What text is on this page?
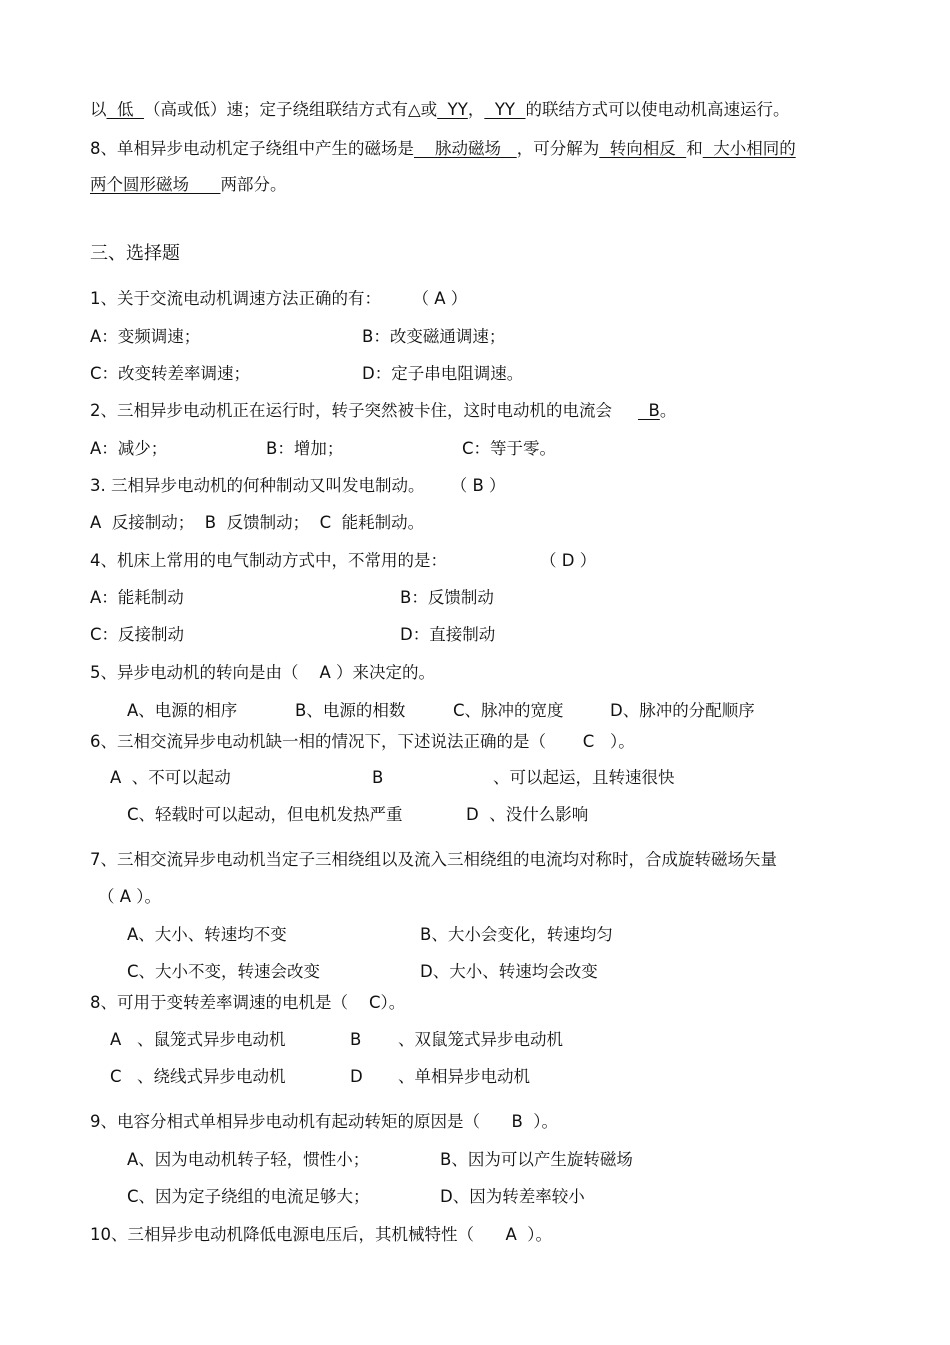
以  低  （高或低）速；定子绕组联结方式有△或  YY，  YY  的联结方式可以使电动机高速运行。
8、单相异步电动机定子绕组中产生的磁场是    脉动磁场   ，可分解为  转向相反  和  大小相同的
两个圆形磁场      两部分。
三、选择题
1、关于交流电动机调速方法正确的有：      （ A ）
A：变频调速；	B：改变磁通调速；
C：改变转差率调速；	D：定子串电阻调速。
2、三相异步电动机正在运行时，转子突然被卡住，这时电动机的电流会  B。
A：减少；	B：增加；	C：等于零。
3. 三相异步电动机的何种制动又叫发电制动。     （ B ）
A  反接制动；  B  反馈制动；  C  能耗制动。
4、机床上常用的电气制动方式中，不常用的是：	（ D ）
A：能耗制动	B：反馈制动
C：反接制动	D：直接制动
5、异步电动机的转向是由（    A ）来决定的。
A、电源的相序	B、电源的相数	C、脉冲的宽度	D、脉冲的分配顺序
6、三相交流异步电动机缺一相的情况下，下述说法正确的是（       C   ）。
A  、不可以起动	B	、可以起运，且转速很快
C、轻载时可以起动，但电机发热严重	D  、没什么影响
7、三相交流异步电动机当定子三相绕组以及流入三相绕组的电流均对称时，合成旋转磁场矢量
（ A ）。
A、大小、转速均不变	B、大小会变化，转速均匀
C、大小不变，转速会改变	D、大小、转速均会改变
8、可用于变转差率调速的电机是（    C）。
A 、鼠笼式异步电动机	B 、双鼠笼式异步电动机
C 、绕线式异步电动机	D 、单相异步电动机
9、电容分相式单相异步电动机有起动转矩的原因是（      B  ）。
A、因为电动机转子轻，惯性小；	B、因为可以产生旋转磁场
C、因为定子绕组的电流足够大；	D、因为转差率较小
10、三相异步电动机降低电源电压后，其机械特性（      A  ）。
